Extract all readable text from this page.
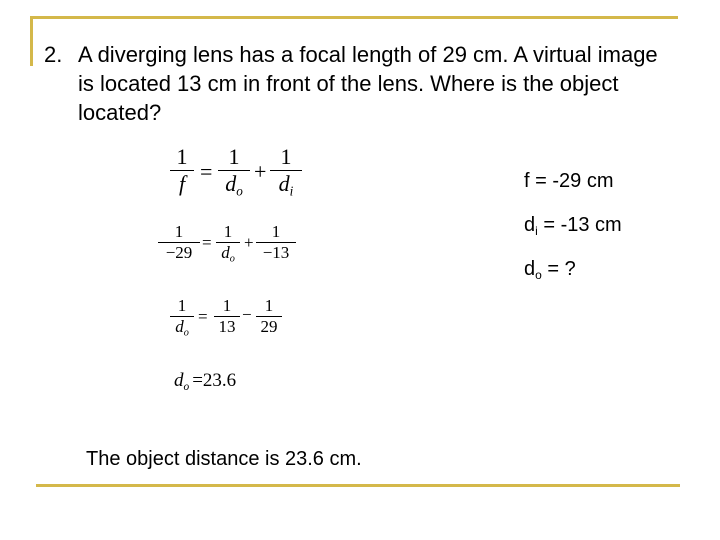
2. A diverging lens has a focal length of 29 cm. A virtual image is located 13 cm in front of the lens. Where is the object located?
1
f =
1
$d_o$
+
1
$d_i$
1
−29
=
1
$d_o$
+
1
−13
1
$d_o$
=
1
13
− 1
29
$d_o =23.6$
f = -29 cm
$d_i = -13$ cm
$d_o$ = ?
The object distance is 23.6 cm.
